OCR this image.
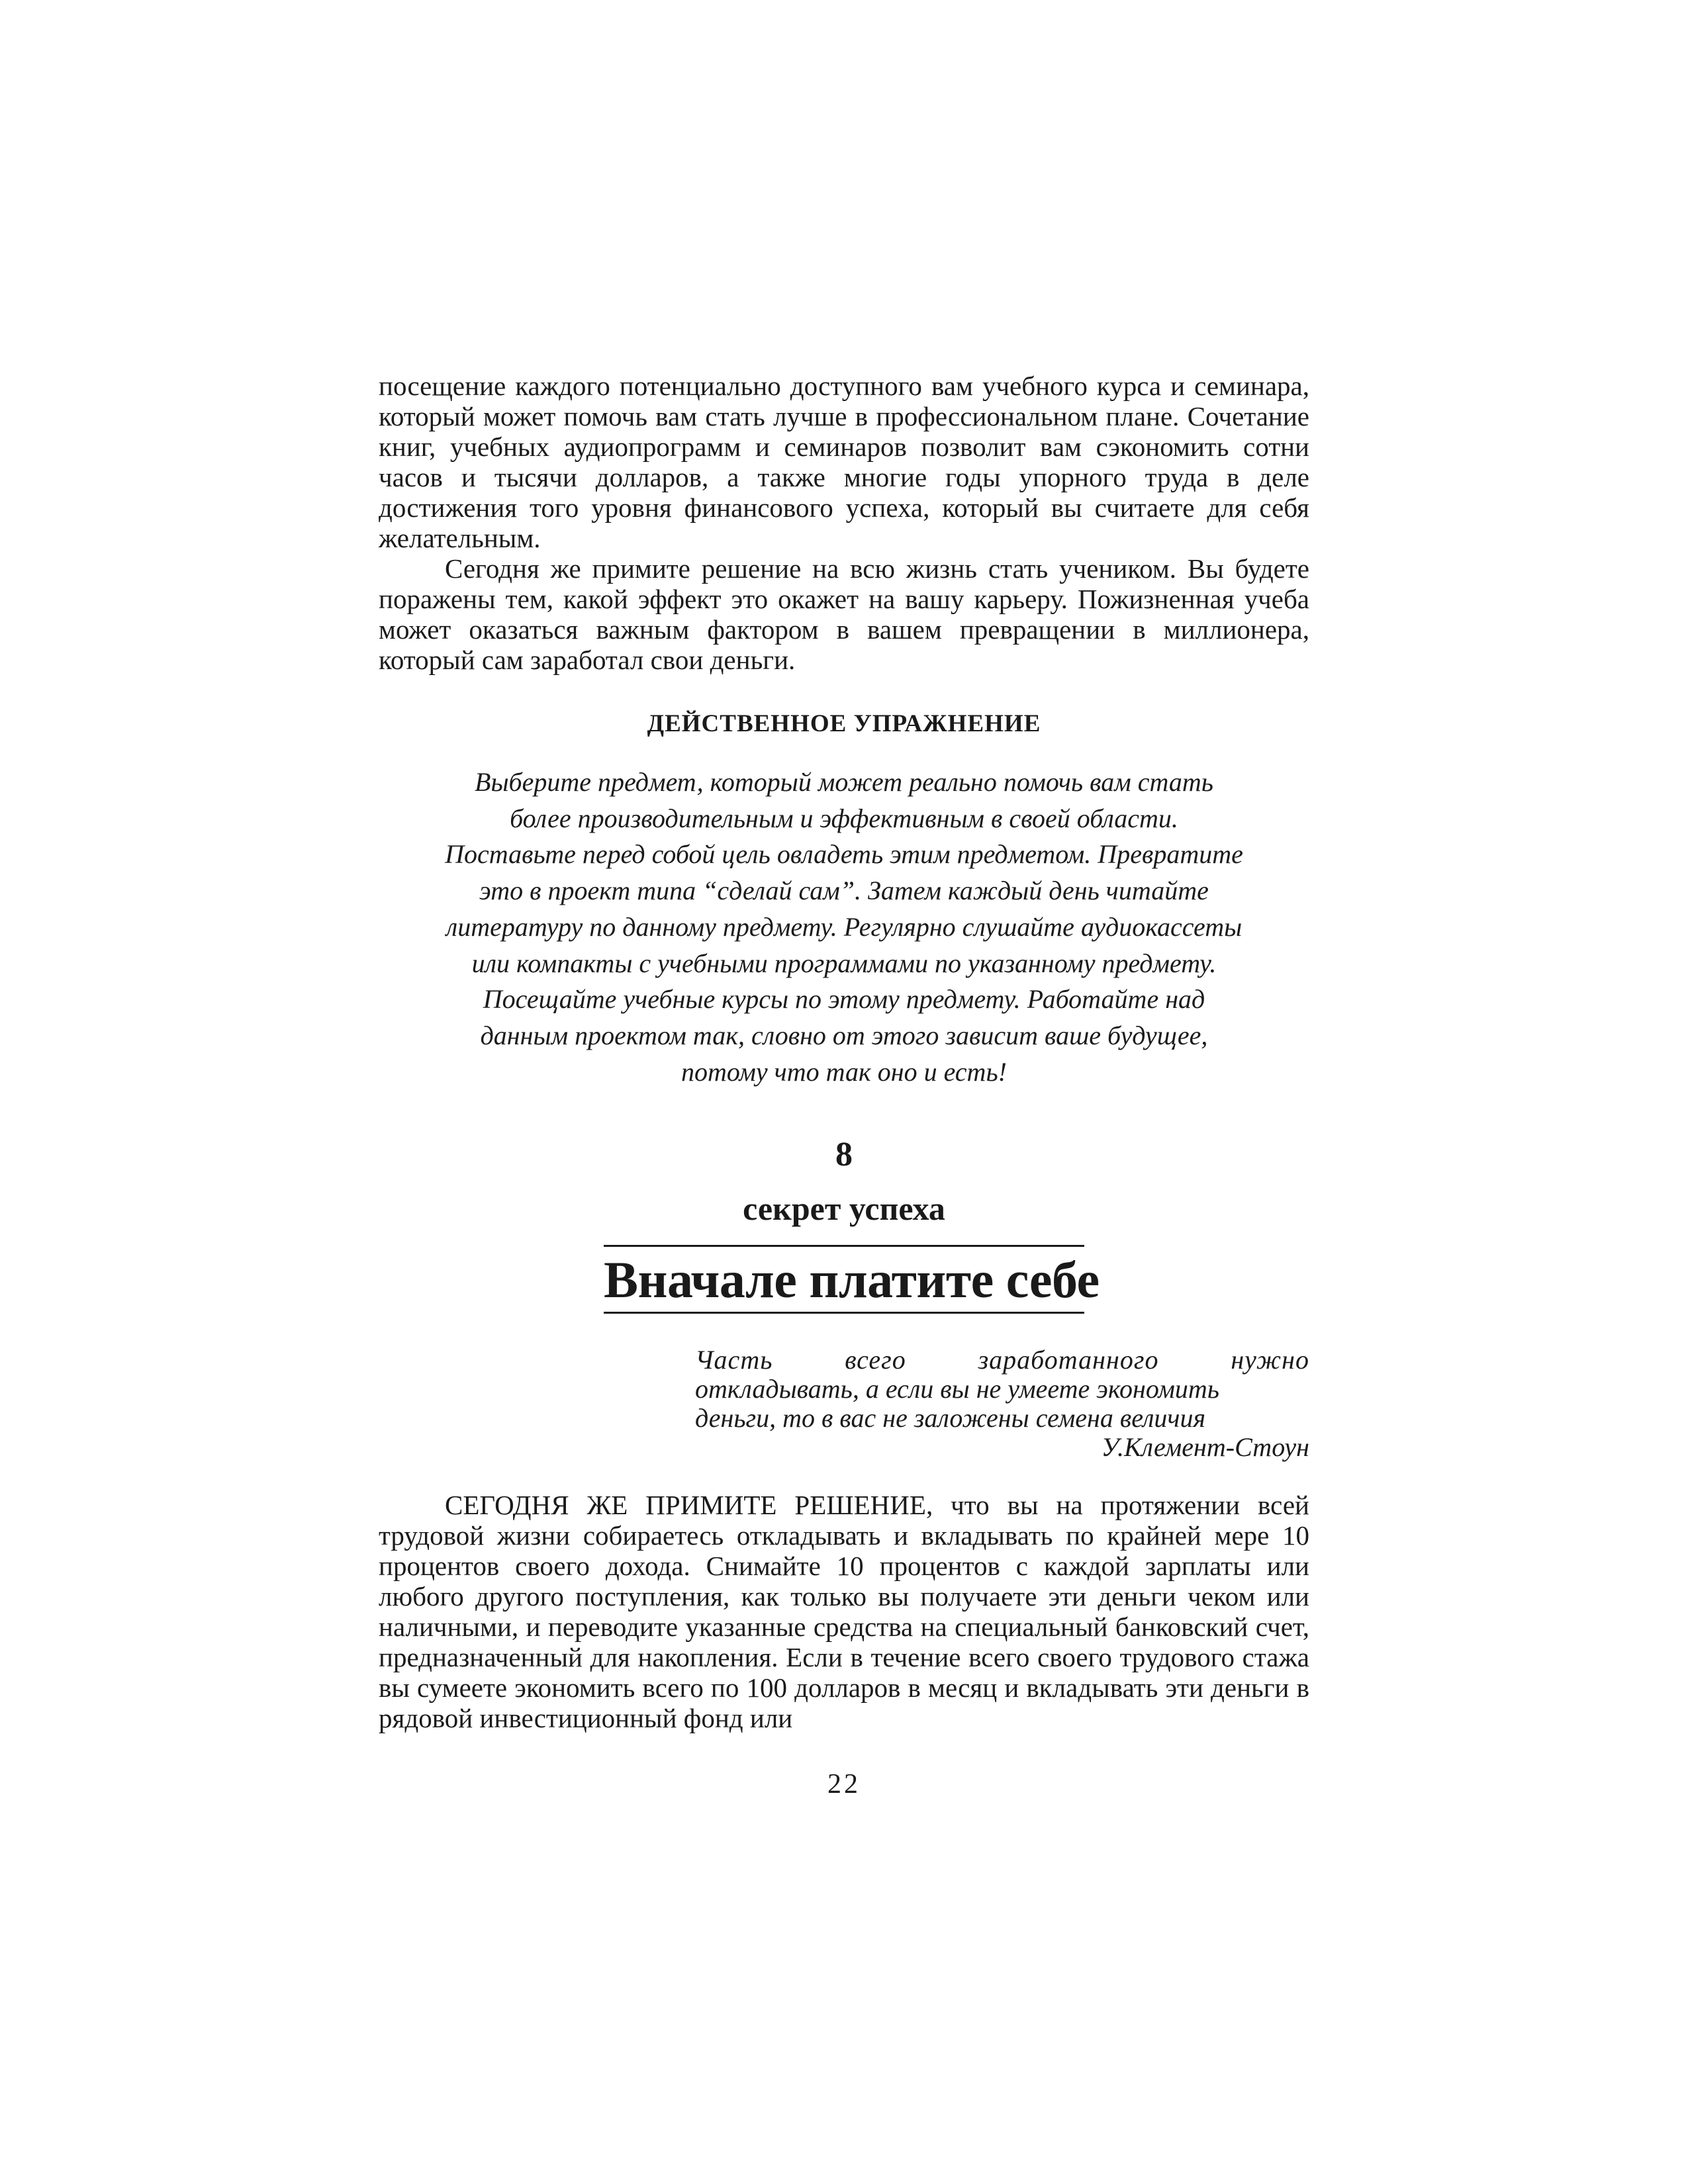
посещение каждого потенциально доступного вам учебного курса и семинара, который может помочь вам стать лучше в профессиональном плане. Сочетание книг, учебных аудиопрограмм и семинаров позволит вам сэкономить сотни часов и тысячи долларов, а также многие годы упорного труда в деле достижения того уровня финансового успеха, который вы считаете для себя желательным.

Сегодня же примите решение на всю жизнь стать учеником. Вы будете поражены тем, какой эффект это окажет на вашу карьеру. Пожизненная учеба может оказаться важным фактором в вашем превращении в миллионера, который сам заработал свои деньги.

ДЕЙСТВЕННОЕ УПРАЖНЕНИЕ
Выберите предмет, который может реально помочь вам стать
более производительным и эффективным в своей области.
Поставьте перед собой цель овладеть этим предметом. Превратите
это в проект типа “сделай сам”. Затем каждый день читайте
литературу по данному предмету. Регулярно слушайте аудиокассеты
или компакты с учебными программами по указанному предмету.
Посещайте учебные курсы по этому предмету. Работайте над
данным проектом так, словно от этого зависит ваше будущее,
потому что так оно и есть!
8
секрет успеха
Вначале платите себе
Часть	всего	заработанного	нужно
откладывать, а если вы не умеете экономить
деньги, то в вас не заложены семена величия
У.Клемент-Стоун

СЕГОДНЯ ЖЕ ПРИМИТЕ РЕШЕНИЕ, что вы на протяжении всей трудовой жизни собираетесь откладывать и вкладывать по крайней мере 10 процентов своего дохода. Снимайте 10 процентов с каждой зарплаты или любого другого поступления, как только вы получаете эти деньги чеком или наличными, и переводите указанные средства на специальный банковский счет, предназначенный для накопления. Если в течение всего своего трудового стажа вы сумеете экономить всего по 100 долларов в месяц и вкладывать эти деньги в рядовой инвестиционный фонд или

22
